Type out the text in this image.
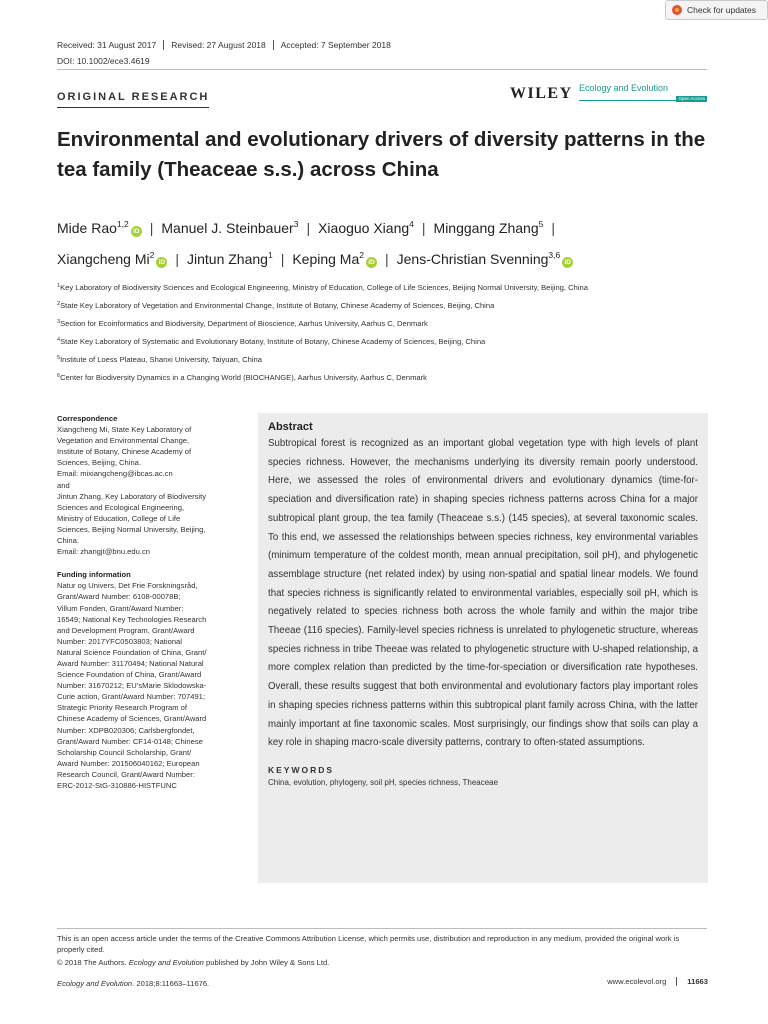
Check for updates
Received: 31 August 2017	Revised: 27 August 2018	Accepted: 7 September 2018
DOI: 10.1002/ece3.4619
ORIGINAL RESEARCH	WILEY Ecology and Evolution
Open Access
Environmental and evolutionary drivers of diversity patterns in the tea family (Theaceae s.s.) across China
Mide Rao$^{1,2}$iD | Manuel J. Steinbauer$^3$ | Xiaoguo Xiang$^4$ | Minggang Zhang$^5$ |
Xiangcheng Mi$^2$iD | Jintun Zhang$^1$ | Keping Ma$^2$iD | Jens-Christian Svenning$^{3,6}$iD
$^1$Key Laboratory of Biodiversity Sciences and Ecological Engineering, Ministry of Education, College of Life Sciences, Beijing Normal University, Beijing, China
$^2$State Key Laboratory of Vegetation and Environmental Change, Institute of Botany, Chinese Academy of Sciences, Beijing, China
$^3$Section for Ecoinformatics and Biodiversity, Department of Bioscience, Aarhus University, Aarhus C, Denmark
$^4$State Key Laboratory of Systematic and Evolutionary Botany, Institute of Botany, Chinese Academy of Sciences, Beijing, China
$^5$Institute of Loess Plateau, Shanxi University, Taiyuan, China
$^6$Center for Biodiversity Dynamics in a Changing World (BIOCHANGE), Aarhus University, Aarhus C, Denmark
Correspondence
Xiangcheng Mi, State Key Laboratory of
Vegetation and Environmental Change,
Institute of Botany, Chinese Academy of
Sciences, Beijing, China.
Email: mixiangcheng@ibcas.ac.cn
and
Jintun Zhang, Key Laboratory of Biodiversity
Sciences and Ecological Engineering,
Ministry of Education, College of Life
Sciences, Beijing Normal University, Beijing,
China.
Email: zhangjt@bnu.edu.cn
Funding information
Natur og Univers, Det Frie Forskningsråd,
Grant/Award Number: 6108-00078B;
Villum Fonden, Grant/Award Number:
16549; National Key Technologies Research
and Development Program, Grant/Award
Number: 2017YFC0503803; National
Natural Science Foundation of China, Grant/
Award Number: 31170494; National Natural
Science Foundation of China, Grant/Award
Number: 31670212; EU’sMarie Sklodowska-
Curie action, Grant/Award Number: 707491;
Strategic Priority Research Program of
Chinese Academy of Sciences, Grant/Award
Number: XDPB020306; Carlsbergfondet,
Grant/Award Number: CF14-0148; Chinese
Scholarship Council Scholarship, Grant/
Award Number: 201506040162; European
Research Council, Grant/Award Number:
ERC-2012-StG-310886-HISTFUNC
Abstract

Subtropical forest is recognized as an important global vegetation type with high levels of plant species richness. However, the mechanisms underlying its diversity remain poorly understood. Here, we assessed the roles of environmental drivers and evolutionary dynamics (time-for-speciation and diversification rate) in shaping species richness patterns across China for a major subtropical plant group, the tea family (Theaceae s.s.) (145 species), at several taxonomic scales. To this end, we assessed the relationships between species richness, key environmental variables (minimum temperature of the coldest month, mean annual precipitation, soil pH), and phylogenetic assemblage structure (net related index) by using non-spatial and spatial linear models. We found that species richness is significantly related to environmental variables, especially soil pH, which is negatively related to species richness both across the whole family and within the major tribe Theeae (116 species). Family-level species richness is unrelated to phylogenetic structure, whereas species richness in tribe Theeae was related to phylogenetic structure with U-shaped relationship, a more complex relation than predicted by the time-for-speciation or diversification rate hypotheses. Overall, these results suggest that both environmental and evolutionary factors play important roles in shaping species richness patterns within this subtropical plant family across China, with the latter mainly important at fine taxonomic scales. Most surprisingly, our findings show that soils can play a key role in shaping macro-scale diversity patterns, contrary to often-stated assumptions.

KEYWORDS
China, evolution, phylogeny, soil pH, species richness, Theaceae
This is an open access article under the terms of the Creative Commons Attribution License, which permits use, distribution and reproduction in any medium, provided the original work is properly cited.
© 2018 The Authors. Ecology and Evolution published by John Wiley & Sons Ltd.
Ecology and Evolution. 2018;8:11663–11676.	www.ecolevol.org	11663
